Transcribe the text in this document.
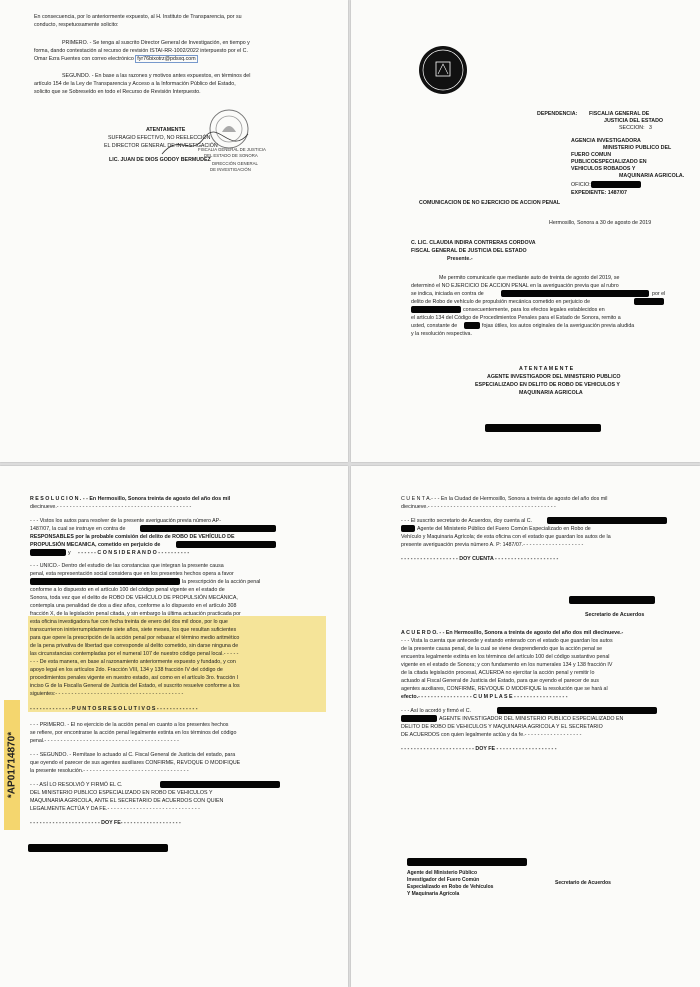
En consecuencia, por lo anteriormente expuesto, al H. Instituto de Transparencia, por su
conducto, respetuosamente solicito:
PRIMERO. - Se tenga al suscrito Director General de Investigación, en tiempo y
forma, dando contestación al recurso de revisión ISTAI-RR-1002/2022 interpuesto por el C.
Omar Ezra Fuentes con correo electrónico fyr76bixotrz@pdsxq.com
SEGUNDO. - En base a las razones y motivos antes expuestos, en términos del
artículo 154 de la Ley de Transparencia y Acceso a la Información Público del Estado,
solicito que se Sobreseído en todo el Recurso de Revisión Interpuesto.
ATENTAMENTE
SUFRAGIO EFECTIVO, NO REELECCIÓN
EL DIRECTOR GENERAL DE INVESTIGACIÓN
FISCALIA GENERAL DE JUSTICIA
DEL ESTADO DE SONORA
LIC. JUAN DE DIOS GODOY BERMUDEZ
DIRECCIÓN GENERAL
DE INVESTIGACIÓN
DEPENDENCIA: FISCALIA GENERAL DE
JUSTICIA DEL ESTADO
SECCION: 3
AGENCIA INVESTIGADORA
MINISTERIO PUBLICO DEL
FUERO COMUN
PUBLICOESPECIALIZADO EN
VEHICULOS ROBADOS Y
MAQUINARIA AGRICOLA.
OFICIO:
EXPEDIENTE: 1487/07
COMUNICACION DE NO EJERCICIO DE ACCION PENAL
Hermosillo, Sonora a 30 de agosto de 2019
C. LIC. CLAUDIA INDIRA CONTRERAS CORDOVA
FISCAL GENERAL DE JUSTICIA DEL ESTADO
Presente.-
Me permito comunicarle que mediante auto de treinta de agosto del 2019, se
determinó el NO EJERCICIO DE ACCION PENAL en la averiguación previa que al rubro
se indica, iniciada en contra de	por el
delito de Robo de vehículo de propulsión mecánica cometido en perjuicio de
consecuentemente, para los efectos legales establecidos en
el artículo 134 del Código de Procedimientos Penales para el Estado de Sonora, remito a
usted, constante de	fojas útiles, los autos originales de la averiguación previa aludida
y la resolución respectiva.
A T E N T A M E N T E
AGENTE INVESTIGADOR DEL MINISTERIO PUBLICO
ESPECIALIZADO EN DELITO DE ROBO DE VEHICULOS Y
MAQUINARIA AGRICOLA
R E S O L U C I O N . - - En Hermosillo, Sonora treinta de agosto del año dos mil
diecinueve.- - - - - - - - - - - - - - - - - - - - - - - - - - - - - - - - - - - - - - - - - -
- - - Vistos los autos para resolver de la presente averiguación previa número AP-
1487/07, la cual se instruye en contra de
RESPONSABLES por la probable comisión del delito de ROBO DE VEHÍCULO DE
PROPULSIÓN MECANICA, cometido en perjuicio de
y - - - - - - C O N S I D E R A N D O - - - - - - - - - -
- - - UNICO.- Dentro del estudio de las constancias que integran la presente causa
penal, esta representación social considera que en los presentes hechos opera a favor
la prescripción de la acción penal
conforme a lo dispuesto en el artículo 100 del código penal vigente en el estado de
Sonora, toda vez que el delito de ROBO DE VEHÍCULO DE PROPULSIÓN MECÁNICA,
contempla una penalidad de dos a diez años, conforme a lo dispuesto en el artículo 308
fracción X, de la legislación penal citada, y sin embargo la última actuación practicada por
esta oficina investigadora fue con fecha treinta de enero del dos mil doce, por lo que
transcurrieron ininterrumpidamente siete años, siete meses, los que resultan suficientes
para que opere la prescripción de la acción penal por rebasar el término medio aritmético
de la pena privativa de libertad que corresponde al delito cometido, sin darse ninguna de
las circunstancias contempladas por el numeral 107 de nuestro código penal local.- - - - -
- - - De esta manera, en base al razonamiento anteriormente expuesto y fundado, y con
apoyo legal en los artículos 2do. Fracción VIII, 134 y 138 fracción IV del código de
procedimientos penales vigente en nuestro estado, así como en el artículo 3ro. fracción I
inciso G de la Fiscalía General de Justicia del Estado, el suscrito resuelve conforme a los
siguientes:- - - - - - - - - - - - - - - - - - - - - - - - - - - - - - - - - - - - - - - -
- - - - - - - - - - - - - P U N T O S R E S O L U T I V O S - - - - - - - - - - - - -
- - - PRIMERO. - El no ejercicio de la acción penal en cuanto a los presentes hechos
se refiere, por encontrarse la acción penal legalmente extinta en los términos del código
penal.- - - - - - - - - - - - - - - - - - - - - - - - - - - - - - - - - - - - - - - - - -
- - - SEGUNDO. - Remítase lo actuado al C. Fiscal General de Justicia del estado, para
que oyendo el parecer de sus agentes auxiliares CONFIRME, REVOQUE O MODIFIQUE
la presente resolución.- - - - - - - - - - - - - - - - - - - - - - - - - - - - - - - - -
- - - ASÍ LO RESOLVIÓ Y FIRMÓ EL C.
DEL MINISTERIO PUBLICO ESPECIALIZADO EN ROBO DE VEHICULOS Y
MAQUINARIA AGRICOLA, ANTE EL SECRETARIO DE ACUERDOS CON QUIEN
LEGALMENTE ACTÚA Y DA FE.- - - - - - - - - - - - - - - - - - - - - - - - - - - - -
- - - - - - - - - - - - - - - - - - - - - - DOY FE- - - - - - - - - - - - - - - - - - -
*AP01714870*
C U E N T A.- - - En la Ciudad de Hermosillo, Sonora a treinta de agosto del año dos mil
diecinueve.- - - - - - - - - - - - - - - - - - - - - - - - - - - - - - - - - - - - - - - -
- - - El suscrito secretario de Acuerdos, doy cuenta al C.
Agente del Ministerio Público del Fuero Común Especializado en Robo de
Vehículo y Maquinaria Agrícola; de esta oficina con el estado que guardan los autos de la
presente averiguación previa número A. P: 1487/07.- - - - - - - - - - - - - - - - - - -
- - - - - - - - - - - - - - - - - - DOY CUENTA - - - - - - - - - - - - - - - - - - - -
Secretario de Acuerdos
A C U E R D O. - - En Hermosillo, Sonora a treinta de agosto del año dos mil diecinueve.-
- - - Vista la cuenta que antecede y estando enterado con el estado que guardan los autos
de la presente causa penal, de la cual se viene desprendiendo que la acción penal se
encuentra legalmente extinta en los términos del artículo 100 del código sustantivo penal
vigente en el estado de Sonora; y con fundamento en los numerales 134 y 138 fracción IV
de la citada legislación procesal, ACUERDA no ejercitar la acción penal y remitir lo
actuado al Fiscal General de Justicia del Estado, para que oyendo el parecer de sus
agentes auxiliares, CONFIRME, REVOQUE O MODIFIQUE la resolución que se hará al
efecto.- - - - - - - - - - - - - - - - - C U M P L A S E - - - - - - - - - - - - - - - - -
- - - Así lo acordó y firmó el C.
AGENTE INVESTIGADOR DEL MINISTERIO PUBLICO ESPECIALIZADO EN
DELITO DE ROBO DE VEHICULOS Y MAQUINARIA AGRICOLA Y EL SECRETARIO
DE ACUERDOS con quien legalmente actúa y da fe.- - - - - - - - - - - - - - - - - -
- - - - - - - - - - - - - - - - - - - - - - - DOY FE - - - - - - - - - - - - - - - - - - -
Agente del Ministerio Público
Investigador del Fuero Común
Especializado en Robo de Vehículos
Y Maquinaria Agrícola
Secretario de Acuerdos
